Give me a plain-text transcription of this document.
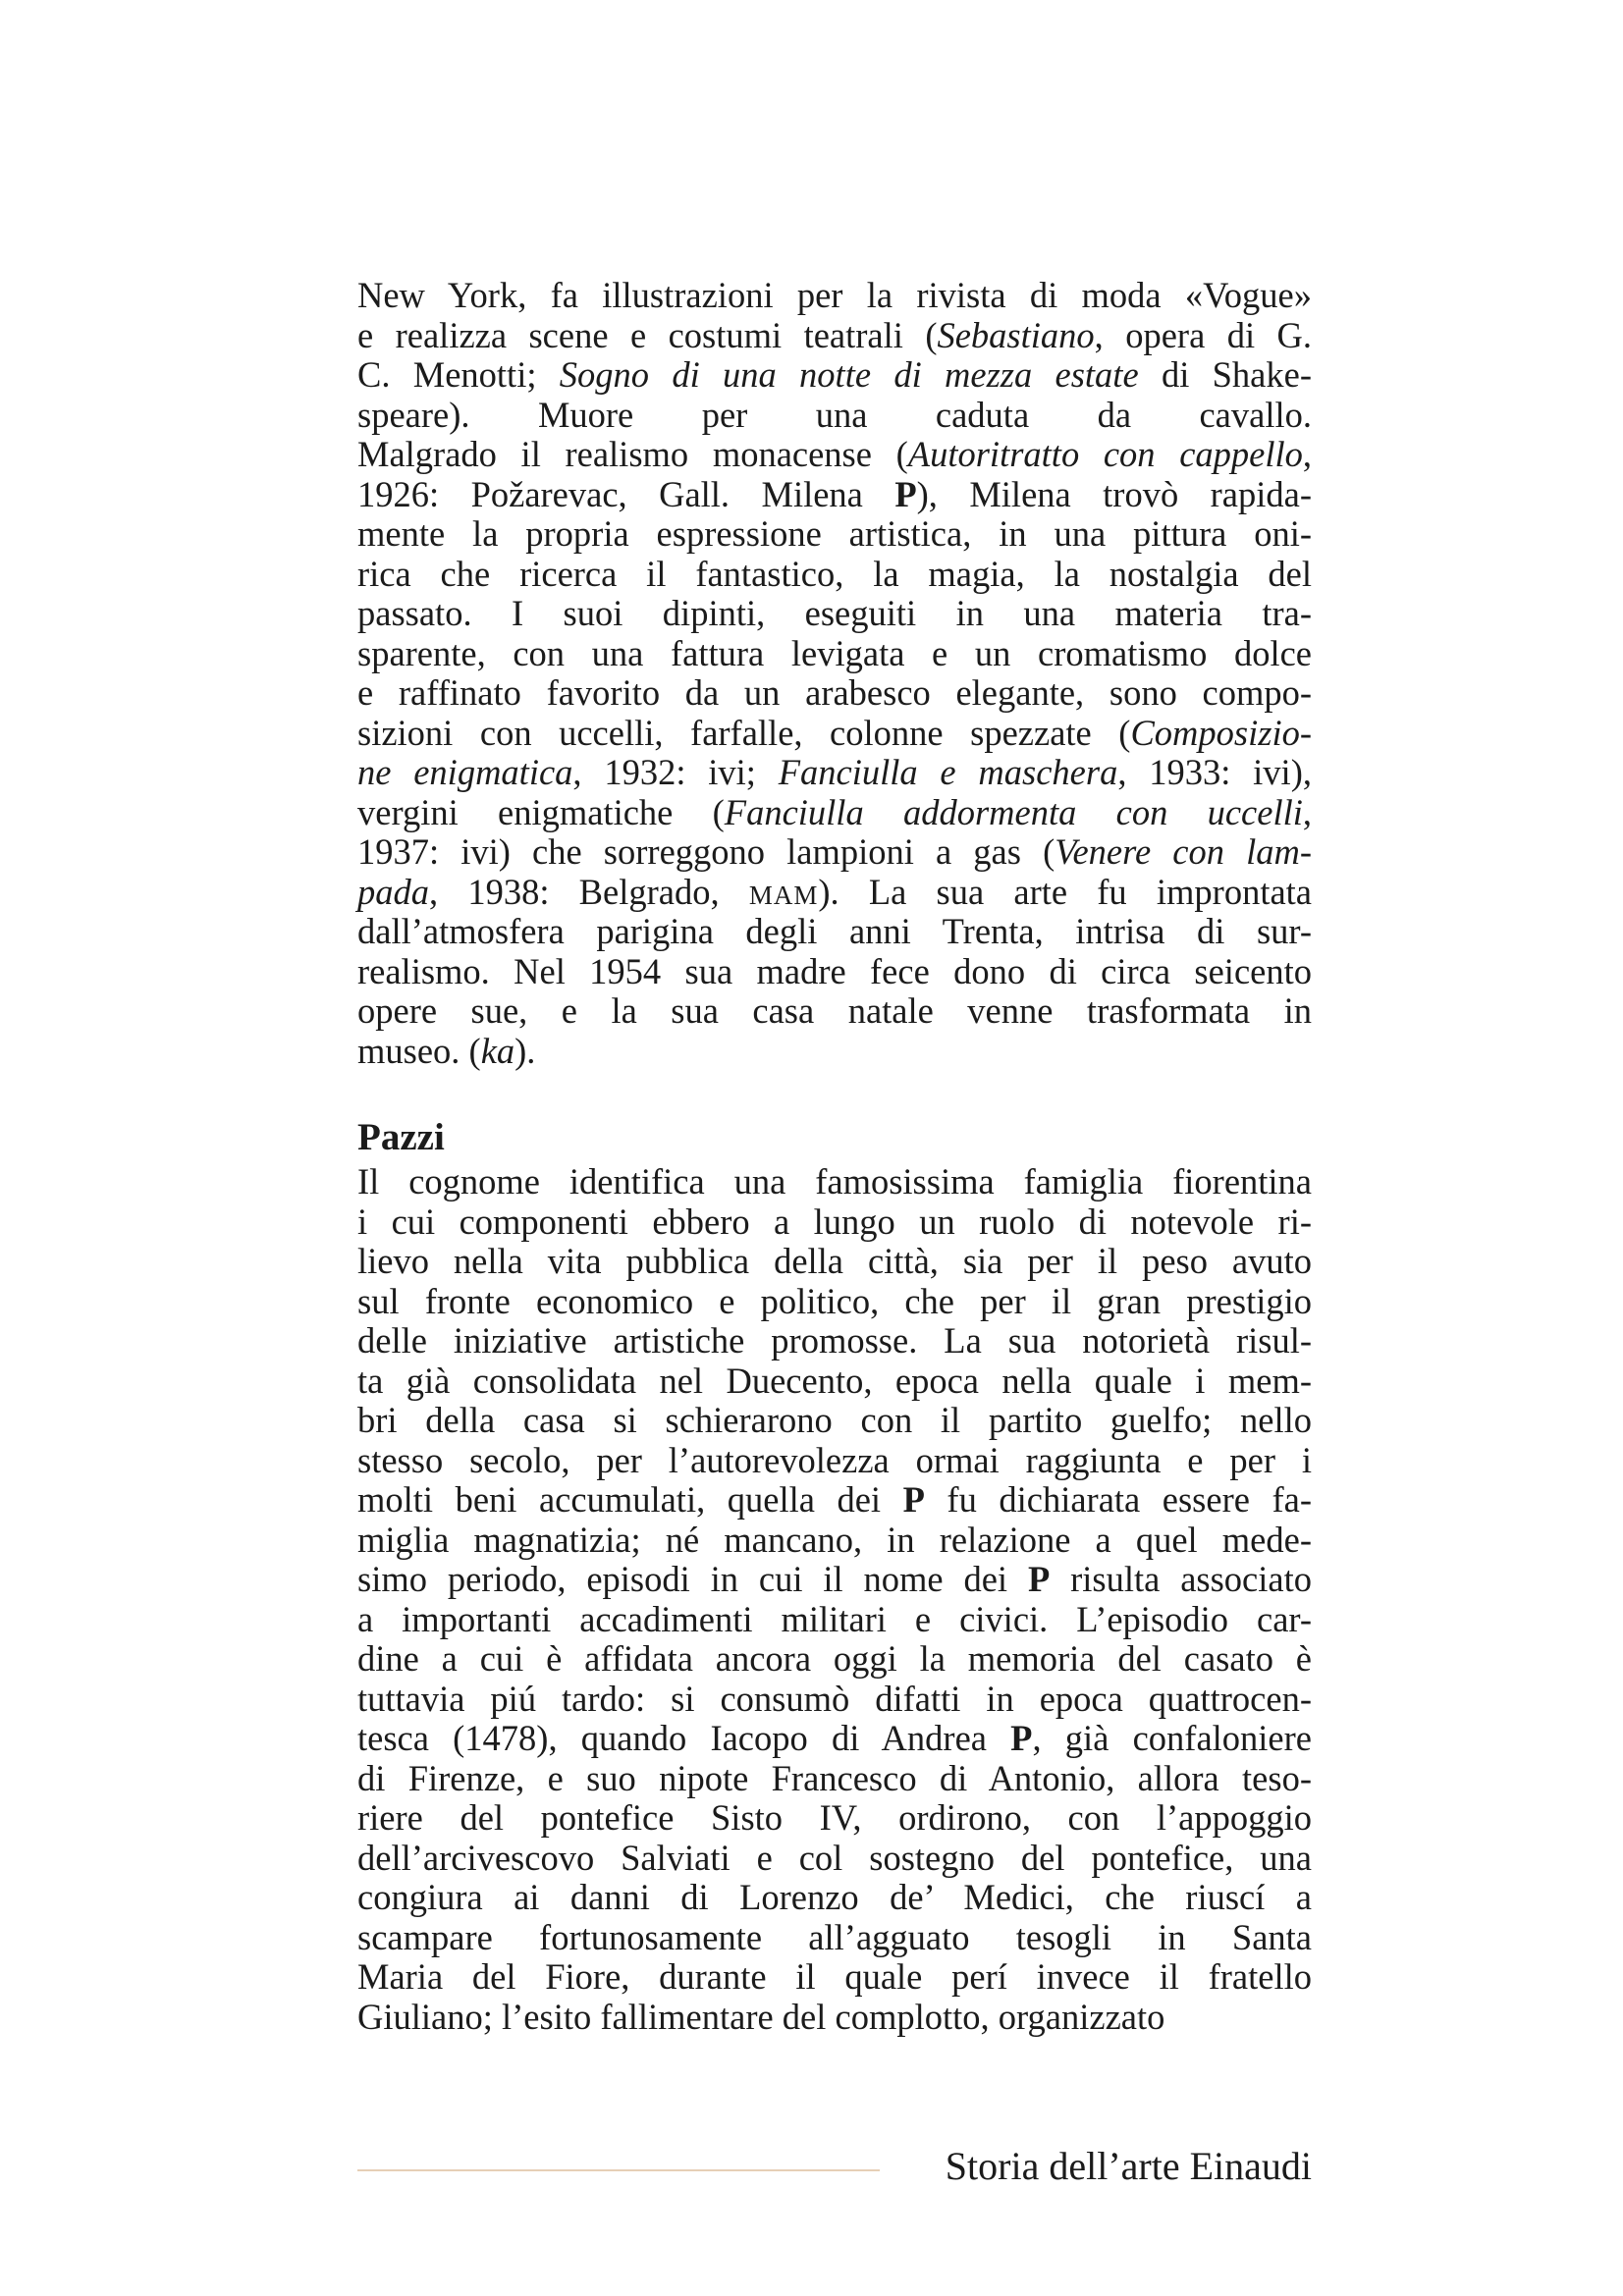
New York, fa illustrazioni per la rivista di moda «Vogue»
e realizza scene e costumi teatrali (Sebastiano, opera di G.
C. Menotti; Sogno di una notte di mezza estate di Shake-
speare). Muore per una caduta da cavallo.
Malgrado il realismo monacense (Autoritratto con cappello,
1926: Požarevac, Gall. Milena P), Milena trovò rapida-
mente la propria espressione artistica, in una pittura oni-
rica che ricerca il fantastico, la magia, la nostalgia del
passato. I suoi dipinti, eseguiti in una materia tra-
sparente, con una fattura levigata e un cromatismo dolce
e raffinato favorito da un arabesco elegante, sono compo-
sizioni con uccelli, farfalle, colonne spezzate (Composizio-
ne enigmatica, 1932: ivi; Fanciulla e maschera, 1933: ivi),
vergini enigmatiche (Fanciulla addormenta con uccelli,
1937: ivi) che sorreggono lampioni a gas (Venere con lam-
pada, 1938: Belgrado, MAM). La sua arte fu improntata
dall’atmosfera parigina degli anni Trenta, intrisa di sur-
realismo. Nel 1954 sua madre fece dono di circa seicento
opere sue, e la sua casa natale venne trasformata in
museo. (ka).
Pazzi
Il cognome identifica una famosissima famiglia fiorentina
i cui componenti ebbero a lungo un ruolo di notevole ri-
lievo nella vita pubblica della città, sia per il peso avuto
sul fronte economico e politico, che per il gran prestigio
delle iniziative artistiche promosse. La sua notorietà risul-
ta già consolidata nel Duecento, epoca nella quale i mem-
bri della casa si schierarono con il partito guelfo; nello
stesso secolo, per l’autorevolezza ormai raggiunta e per i
molti beni accumulati, quella dei P fu dichiarata essere fa-
miglia magnatizia; né mancano, in relazione a quel mede-
simo periodo, episodi in cui il nome dei P risulta associato
a importanti accadimenti militari e civici. L’episodio car-
dine a cui è affidata ancora oggi la memoria del casato è
tuttavia piú tardo: si consumò difatti in epoca quattrocen-
tesca (1478), quando Iacopo di Andrea P, già confaloniere
di Firenze, e suo nipote Francesco di Antonio, allora teso-
riere del pontefice Sisto IV, ordirono, con l’appoggio
dell’arcivescovo Salviati e col sostegno del pontefice, una
congiura ai danni di Lorenzo de’ Medici, che riuscí a
scampare fortunosamente all’agguato tesogli in Santa
Maria del Fiore, durante il quale perí invece il fratello
Giuliano; l’esito fallimentare del complotto, organizzato
Storia dell’arte Einaudi
